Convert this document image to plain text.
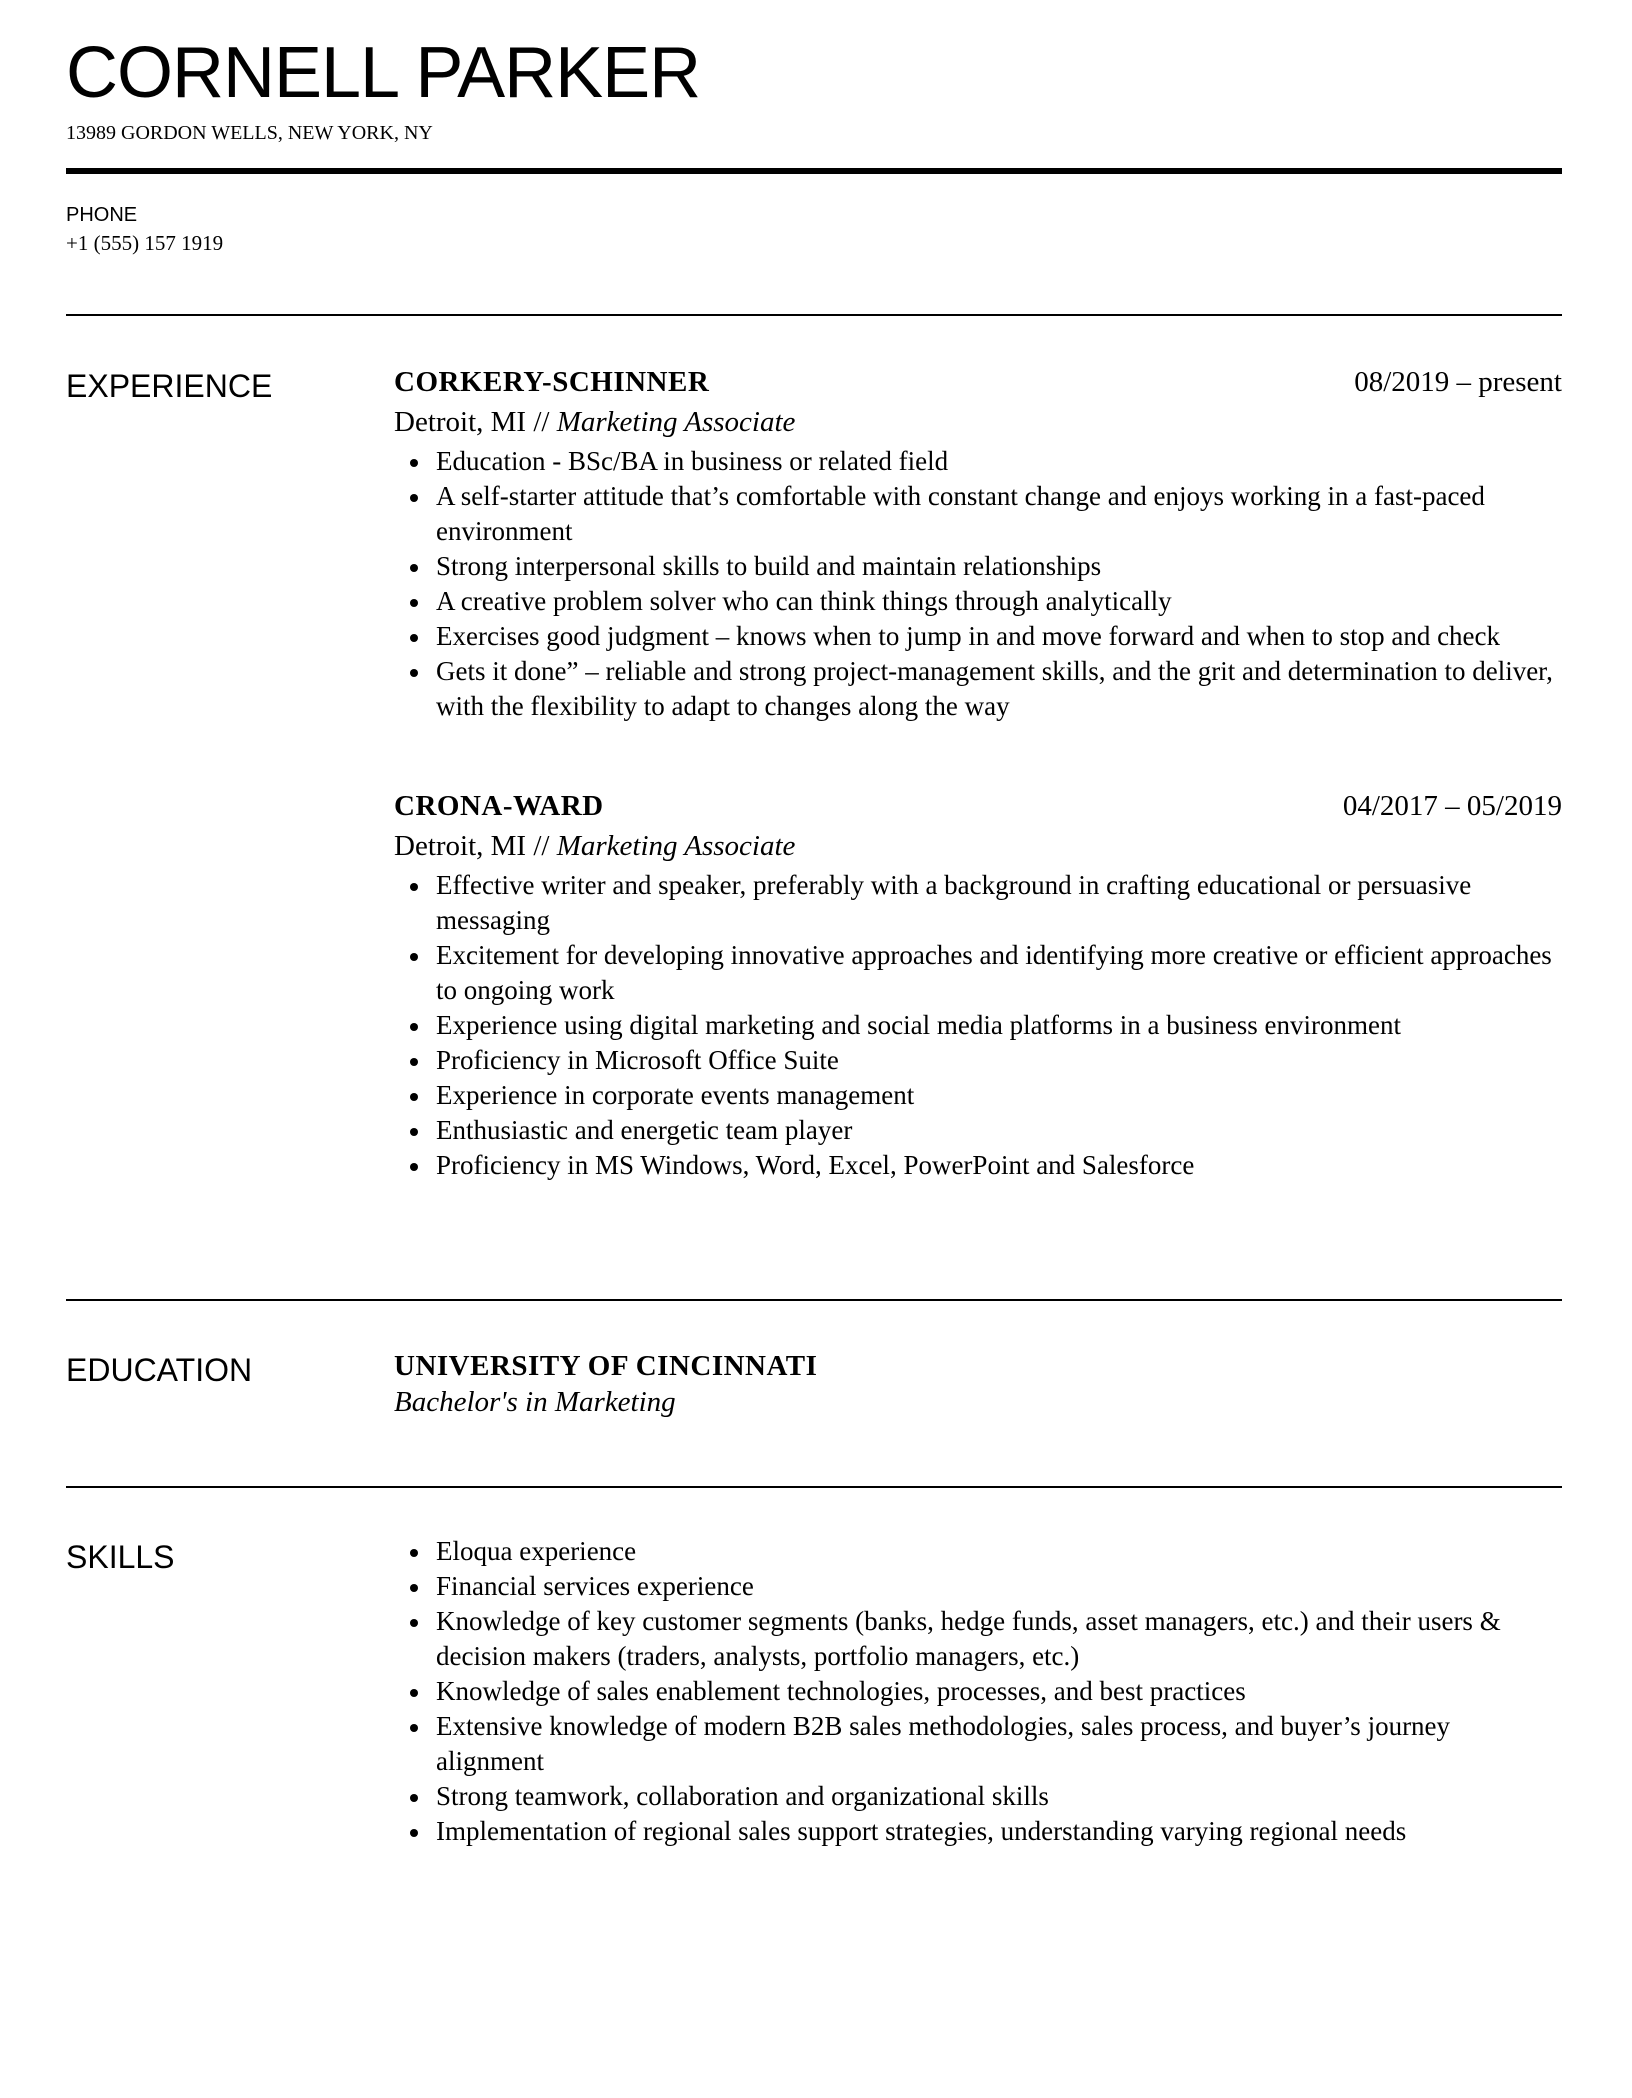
CORNELL PARKER
13989 GORDON WELLS, NEW YORK, NY
PHONE
+1 (555) 157 1919
EXPERIENCE	CORKERY-SCHINNER	08/2019 – present
Detroit, MI // Marketing Associate
Education - BSc/BA in business or related field
A self-starter attitude that’s comfortable with constant change and enjoys working in a fast-paced environment
Strong interpersonal skills to build and maintain relationships
A creative problem solver who can think things through analytically
Exercises good judgment – knows when to jump in and move forward and when to stop and check
Gets it done” – reliable and strong project-management skills, and the grit and determination to deliver, with the flexibility to adapt to changes along the way
CRONA-WARD	04/2017 – 05/2019
Detroit, MI // Marketing Associate
Effective writer and speaker, preferably with a background in crafting educational or persuasive messaging
Excitement for developing innovative approaches and identifying more creative or efficient approaches to ongoing work
Experience using digital marketing and social media platforms in a business environment
Proficiency in Microsoft Office Suite
Experience in corporate events management
Enthusiastic and energetic team player
Proficiency in MS Windows, Word, Excel, PowerPoint and Salesforce
EDUCATION	UNIVERSITY OF CINCINNATI
Bachelor's in Marketing
SKILLS	Eloqua experience
Financial services experience
Knowledge of key customer segments (banks, hedge funds, asset managers, etc.) and their users & decision makers (traders, analysts, portfolio managers, etc.)
Knowledge of sales enablement technologies, processes, and best practices
Extensive knowledge of modern B2B sales methodologies, sales process, and buyer’s journey alignment
Strong teamwork, collaboration and organizational skills
Implementation of regional sales support strategies, understanding varying regional needs
